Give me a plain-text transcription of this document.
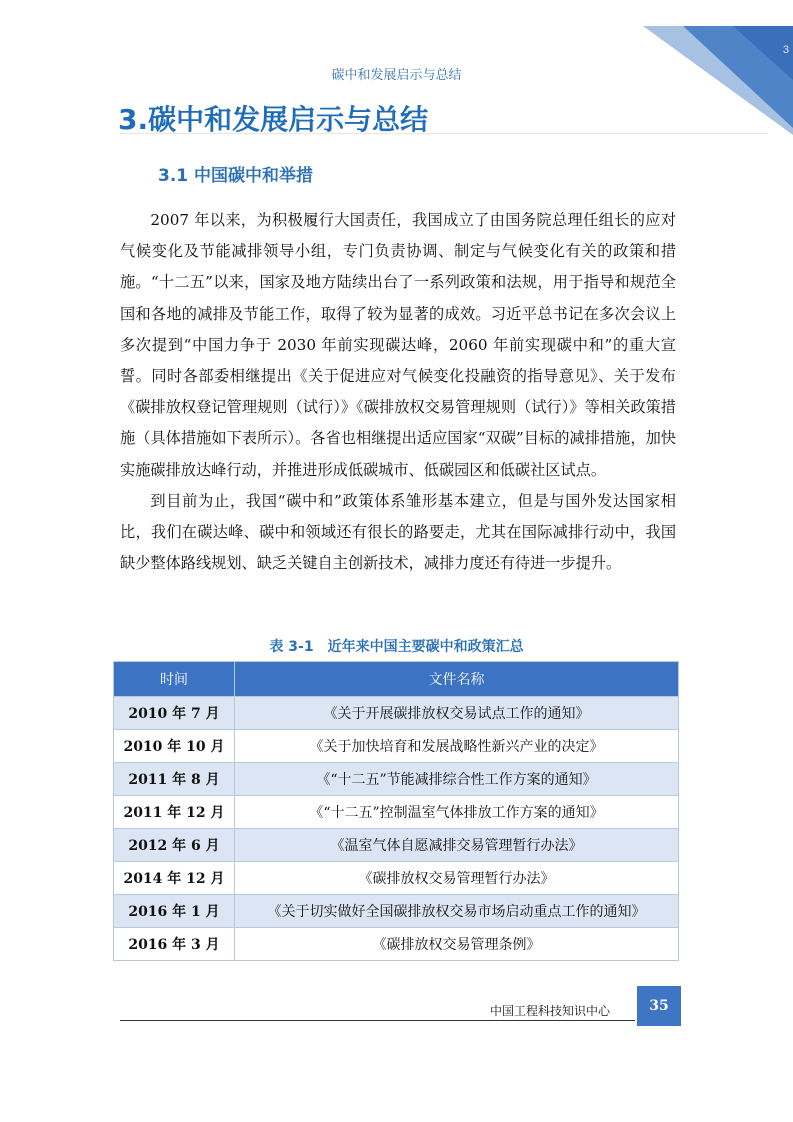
3
碳中和发展启示与总结
3.碳中和发展启示与总结
3.1 中国碳中和举措

2007 年以来，为积极履行大国责任，我国成立了由国务院总理任组长的应对气候变化及节能减排领导小组，专门负责协调、制定与气候变化有关的政策和措施。“十二五”以来，国家及地方陆续出台了一系列政策和法规，用于指导和规范全国和各地的减排及节能工作，取得了较为显著的成效。习近平总书记在多次会议上多次提到“中国力争于 2030 年前实现碳达峰，2060 年前实现碳中和”的重大宣誓。同时各部委相继提出《关于促进应对气候变化投融资的指导意见》、关于发布《碳排放权登记管理规则（试行）》《碳排放权交易管理规则（试行）》等相关政策措施（具体措施如下表所示）。各省也相继提出适应国家“双碳”目标的减排措施，加快实施碳排放达峰行动，并推进形成低碳城市、低碳园区和低碳社区试点。

到目前为止，我国“碳中和”政策体系雏形基本建立，但是与国外发达国家相比，我们在碳达峰、碳中和领域还有很长的路要走，尤其在国际减排行动中，我国缺少整体路线规划、缺乏关键自主创新技术，减排力度还有待进一步提升。

表 3-1　近年来中国主要碳中和政策汇总
时间	文件名称
2010 年 7 月	《关于开展碳排放权交易试点工作的通知》
2010 年 10 月	《关于加快培育和发展战略性新兴产业的决定》
2011 年 8 月	《“十二五”节能减排综合性工作方案的通知》
2011 年 12 月	《“十二五”控制温室气体排放工作方案的通知》
2012 年 6 月	《温室气体自愿减排交易管理暂行办法》
2014 年 12 月	《碳排放权交易管理暂行办法》
2016 年 1 月	《关于切实做好全国碳排放权交易市场启动重点工作的通知》
2016 年 3 月	《碳排放权交易管理条例》
中国工程科技知识中心	35
